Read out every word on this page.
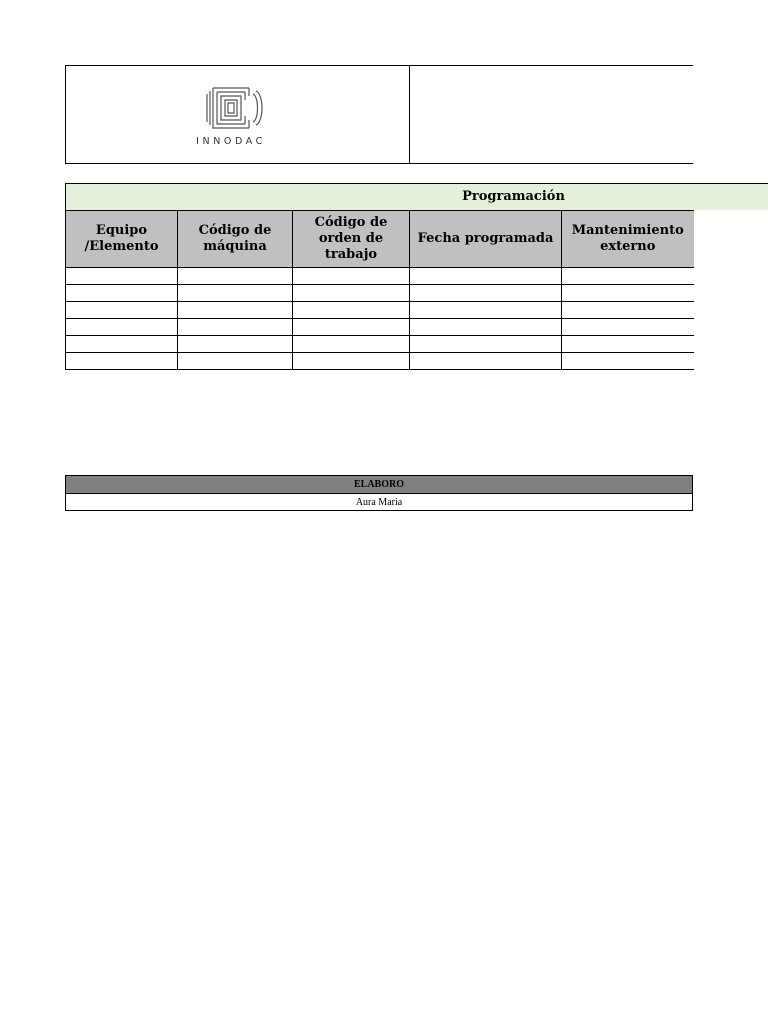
INNODAC
Programación
Equipo /Elemento	Código de máquina	Código de orden de trabajo	Fecha programada	Mantenimiento externo

ELABORO
Aura Maria
